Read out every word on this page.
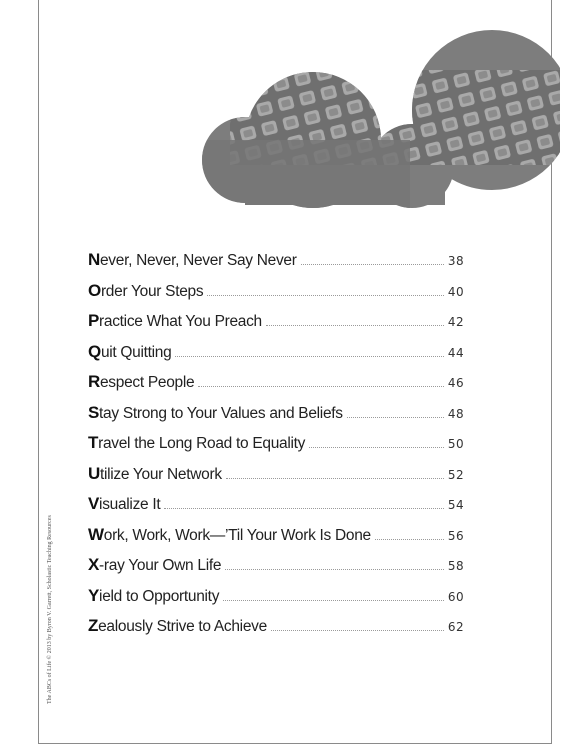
Never, Never, Never Say Never	38
Order Your Steps	40
Practice What You Preach	42
Quit Quitting	44
Respect People	46
Stay Strong to Your Values and Beliefs	48
Travel the Long Road to Equality	50
Utilize Your Network	52
Visualize It	54
Work, Work, Work—’Til Your Work Is Done	56
X-ray Your Own Life	58
Yield to Opportunity	60
Zealously Strive to Achieve	62
The ABCs of Life © 2013 by Byron V. Garrett, Scholastic Teaching Resources
